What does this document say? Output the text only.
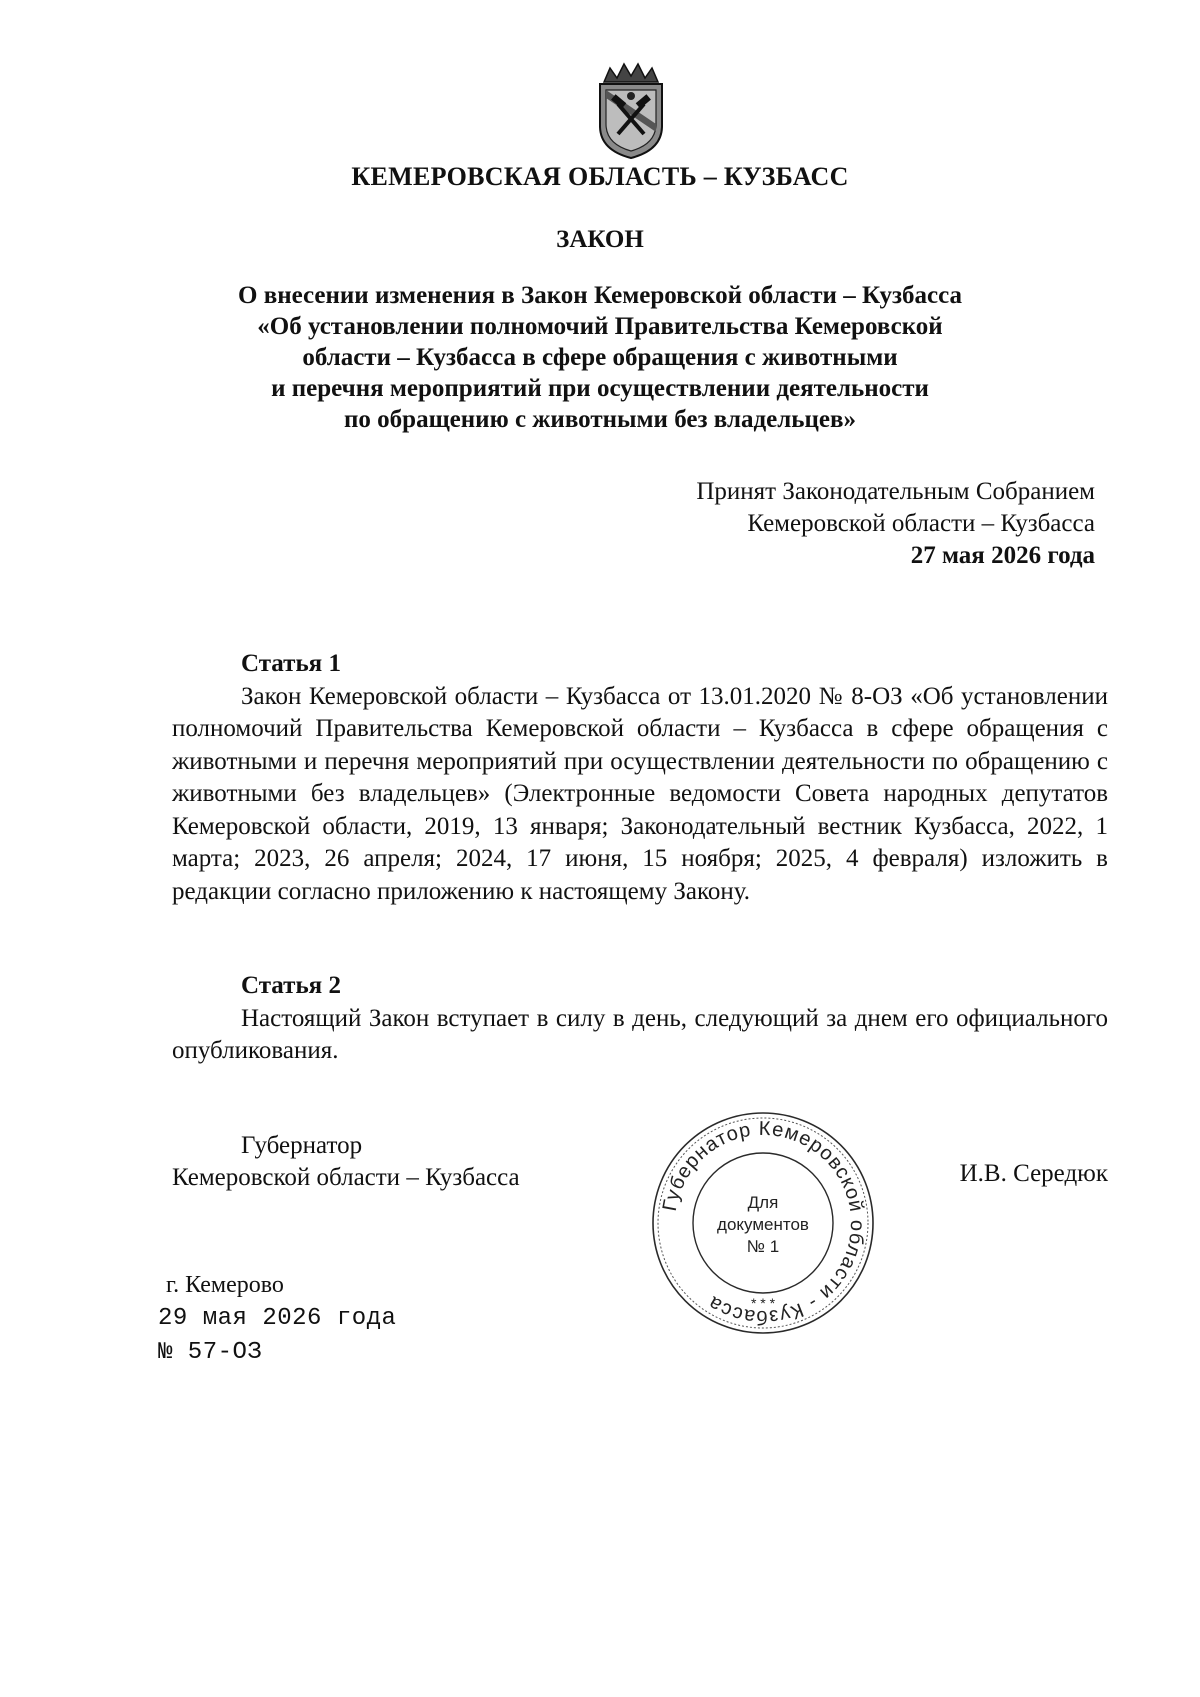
КЕМЕРОВСКАЯ ОБЛАСТЬ – КУЗБАСС
ЗАКОН
О внесении изменения в Закон Кемеровской области – Кузбасса
«Об установлении полномочий Правительства Кемеровской
области – Кузбасса в сфере обращения с животными
и перечня мероприятий при осуществлении деятельности
по обращению с животными без владельцев»
Принят Законодательным Собранием
Кемеровской области – Кузбасса
27 мая 2026 года
Статья 1
Закон Кемеровской области – Кузбасса от 13.01.2020 № 8-ОЗ «Об установлении полномочий Правительства Кемеровской области – Кузбасса в сфере обращения с животными и перечня мероприятий при осуществлении деятельности по обращению с животными без владельцев» (Электронные ведомости Совета народных депутатов Кемеровской области, 2019, 13 января; Законодательный вестник Кузбасса, 2022, 1 марта; 2023, 26 апреля; 2024, 17 июня, 15 ноября; 2025, 4 февраля) изложить в редакции согласно приложению к настоящему Закону.
Статья 2
Настоящий Закон вступает в силу в день, следующий за днем его официального опубликования.
Губернатор
Кемеровской области – Кузбасса	И.В. Середюк
Губернатор Кемеровской области - Кузбасса
Для
документов
№ 1
* * *
г. Кемерово
29 мая 2026 года
№ 57-ОЗ
